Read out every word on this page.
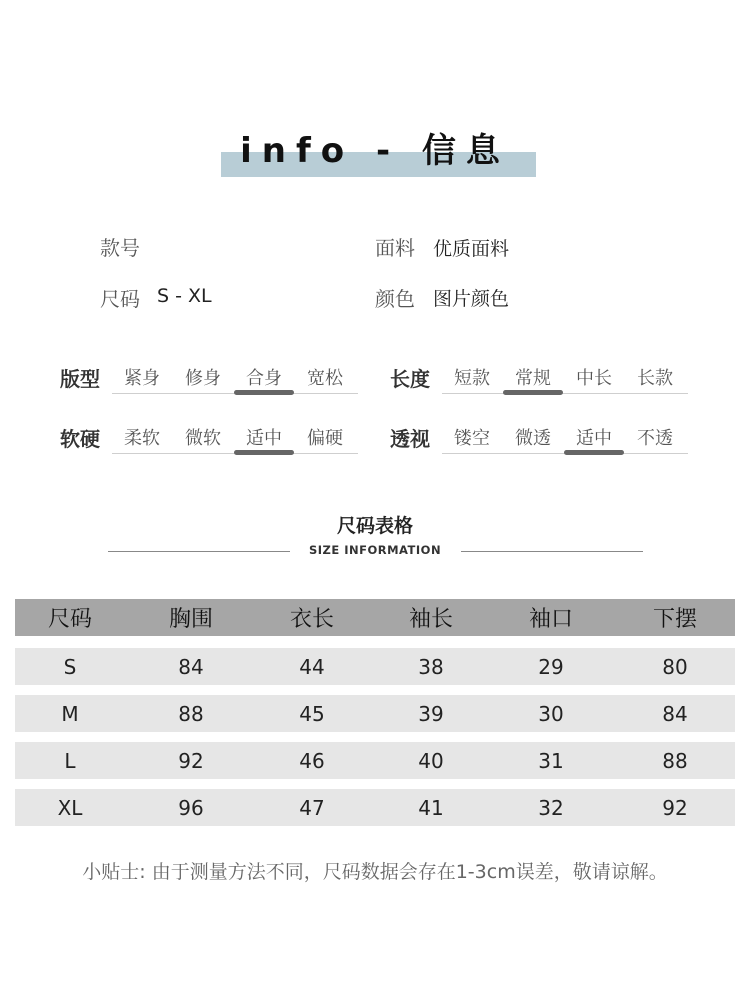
info - 信息
款号	面料 优质面料
尺码 S - XL	颜色 图片颜色
版型	紧身	修身	合身	宽松	长度	短款	常规	中长	长款
软硬	柔软	微软	适中	偏硬	透视	镂空	微透	适中	不透
尺码表格
SIZE INFORMATION
尺码	胸围	衣长	袖长	袖口	下摆
S	84	44	38	29	80
M	88	45	39	30	84
L	92	46	40	31	88
XL	96	47	41	32	92
小贴士: 由于测量方法不同，尺码数据会存在1-3cm误差，敬请谅解。
